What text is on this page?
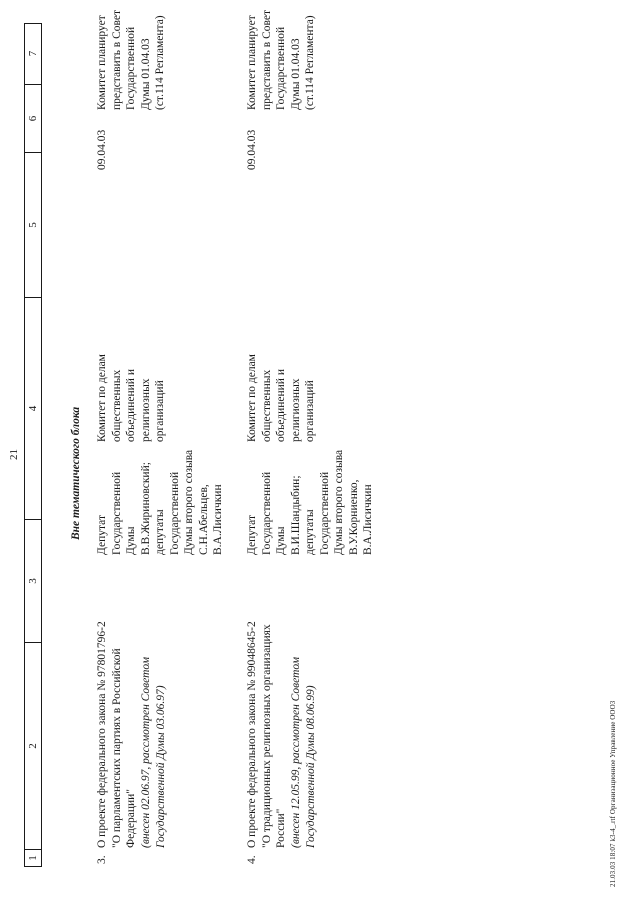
21
1
2
3
4
5
6
7
Вне тематического блока
3.
О проекте федерального закона № 97801796-2 "О парламентских партиях в Российской Федерации" (внесен 02.06.97, рассмотрен Советом Государственной Думы 03.06.97)
Депутат Государственной Думы В.В.Жириновский; депутаты Государственной Думы второго созыва С.Н.Абельцев, В.А.Лисичкин
Комитет по делам общественных объединений и религиозных организаций
09.04.03
Комитет планирует представить в Совет Государственной Думы 01.04.03 (ст.114 Регламента)
4.
О проекте федерального закона № 99048645-2 "О традиционных религиозных организациях России" (внесен 12.05.99, рассмотрен Советом Государственной Думы 08.06.99)
Депутат Государственной Думы В.И.Шандыбин; депутаты Государственной Думы второго созыва В.У.Корниенко, В.А.Лисичкин
Комитет по делам общественных объединений и религиозных организаций
09.04.03
Комитет планирует представить в Совет Государственной Думы 01.04.03 (ст.114 Регламента)
21.03.03 18:07 k3-4_.rtf Организационное Управление ООО3
